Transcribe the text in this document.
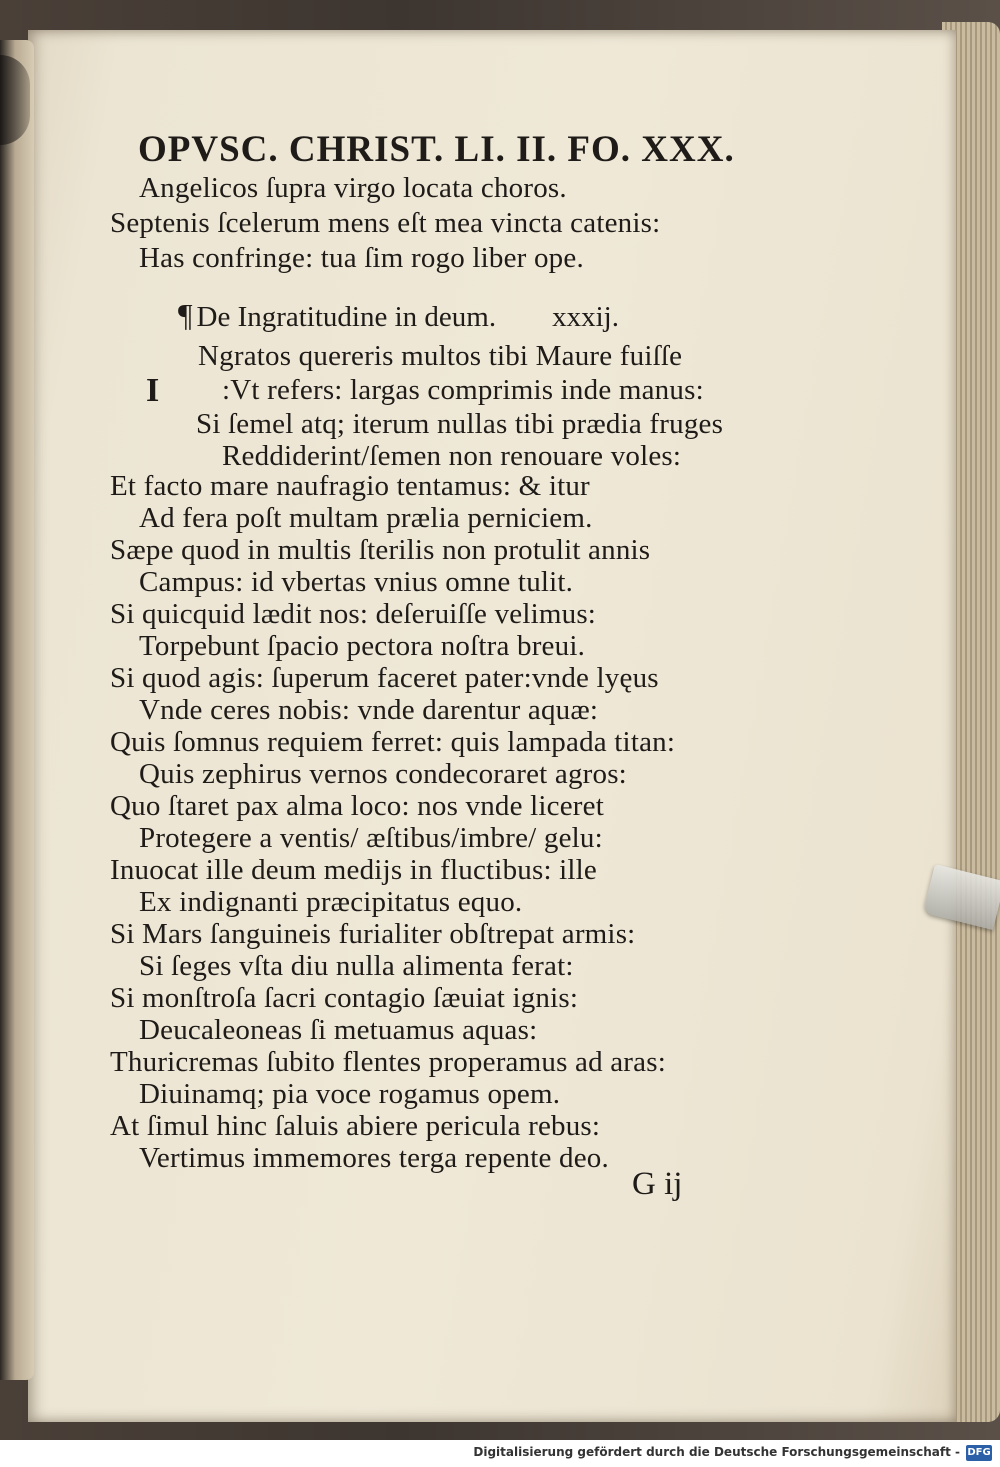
OPVSC. CHRIST. LI. II. FO. XXX.
Angelicos ſupra virgo locata choros.
Septenis ſcelerum mens eſt mea vincta catenis:
Has confringe: tua ſim rogo liber ope.
¶ De Ingratitudine in deum. xxxij.
I
Ngratos quereris multos tibi Maure fuiſſe
:Vt refers: largas comprimis inde manus:
Si ſemel atq; iterum nullas tibi prædia fruges
Reddiderint/ſemen non renouare voles:
Et facto mare naufragio tentamus: & itur
Ad fera poſt multam prælia perniciem.
Sæpe quod in multis ſterilis non protulit annis
Campus: id vbertas vnius omne tulit.
Si quicquid lædit nos: deſeruiſſe velimus:
Torpebunt ſpacio pectora noſtra breui.
Si quod agis: ſuperum faceret pater:vnde lyęus
Vnde ceres nobis: vnde darentur aquæ:
Quis ſomnus requiem ferret: quis lampada titan:
Quis zephirus vernos condecoraret agros:
Quo ſtaret pax alma loco: nos vnde liceret
Protegere a ventis/ æſtibus/imbre/ gelu:
Inuocat ille deum medijs in fluctibus: ille
Ex indignanti præcipitatus equo.
Si Mars ſanguineis furialiter obſtrepat armis:
Si ſeges vſta diu nulla alimenta ferat:
Si monſtroſa ſacri contagio ſæuiat ignis:
Deucaleoneas ſi metuamus aquas:
Thuricremas ſubito flentes properamus ad aras:
Diuinamq; pia voce rogamus opem.
At ſimul hinc ſaluis abiere pericula rebus:
Vertimus immemores terga repente deo.
G ij
Digitalisierung gefördert durch die Deutsche Forschungsgemeinschaft - DFG
